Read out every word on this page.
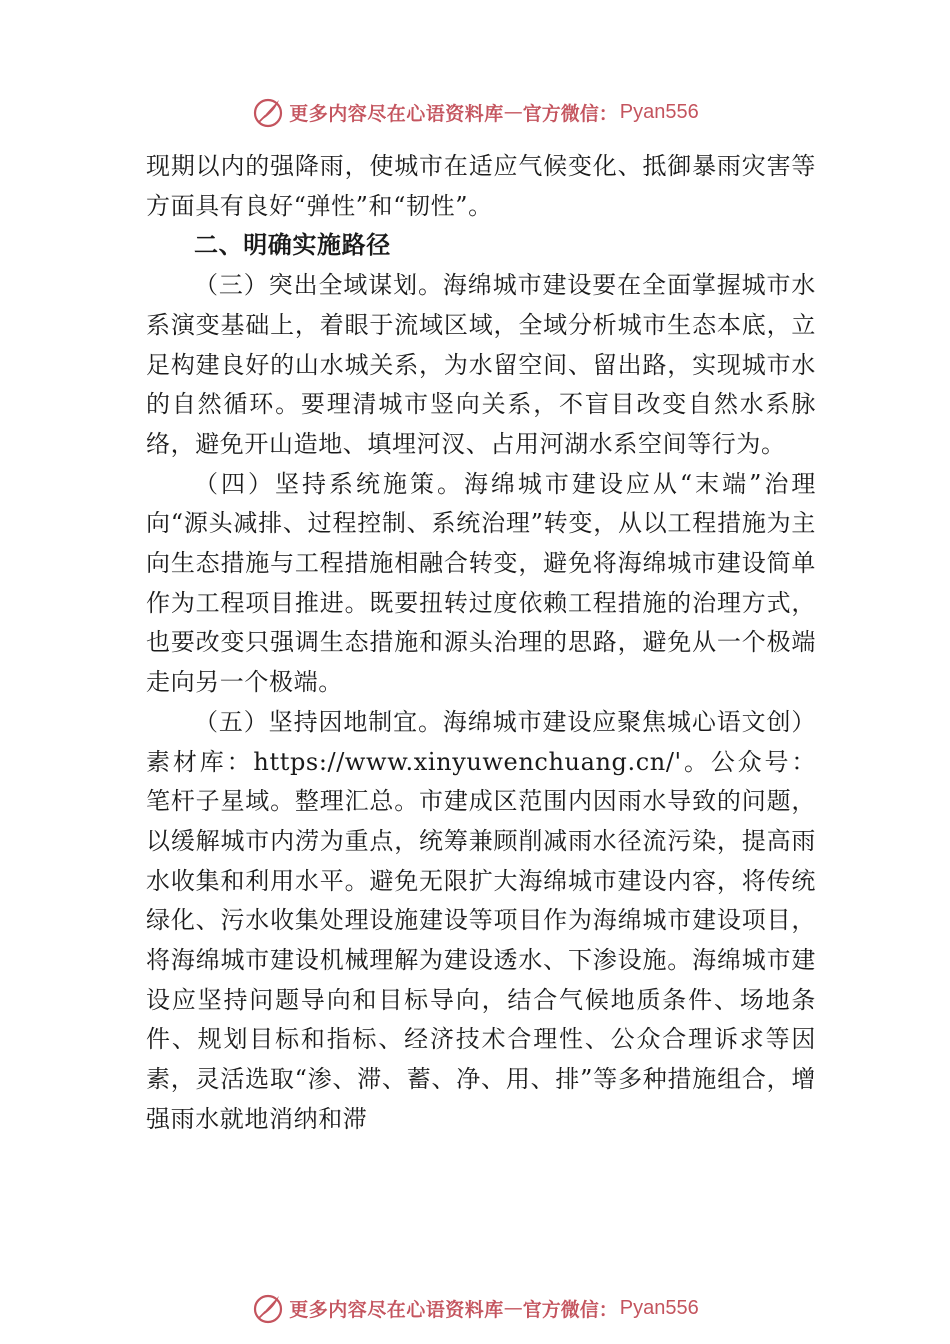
更多内容尽在心语资料库 — 官方微信： Pyan556

现期以内的强降雨，使城市在适应气候变化、抵御暴雨灾害等方面具有良好“弹性”和“韧性”。

二、明确实施路径

（三）突出全域谋划。海绵城市建设要在全面掌握城市水系演变基础上，着眼于流域区域，全域分析城市生态本底，立足构建良好的山水城关系，为水留空间、留出路，实现城市水的自然循环。要理清城市竖向关系，不盲目改变自然水系脉络，避免开山造地、填埋河汊、占用河湖水系空间等行为。

（四）坚持系统施策。海绵城市建设应从“末端”治理向“源头减排、过程控制、系统治理”转变，从以工程措施为主向生态措施与工程措施相融合转变，避免将海绵城市建设简单作为工程项目推进。既要扭转过度依赖工程措施的治理方式，也要改变只强调生态措施和源头治理的思路，避免从一个极端走向另一个极端。

（五）坚持因地制宜。海绵城市建设应聚焦城心语文创）素材库：https://www.xinyuwenchuang.cn/'。公众号：笔杆子星域。整理汇总。市建成区范围内因雨水导致的问题，以缓解城市内涝为重点，统筹兼顾削减雨水径流污染，提高雨水收集和利用水平。避免无限扩大海绵城市建设内容，将传统绿化、污水收集处理设施建设等项目作为海绵城市建设项目，将海绵城市建设机械理解为建设透水、下渗设施。海绵城市建设应坚持问题导向和目标导向，结合气候地质条件、场地条件、规划目标和指标、经济技术合理性、公众合理诉求等因素，灵活选取“渗、滞、蓄、净、用、排”等多种措施组合，增强雨水就地消纳和滞

更多内容尽在心语资料库 — 官方微信： Pyan556
